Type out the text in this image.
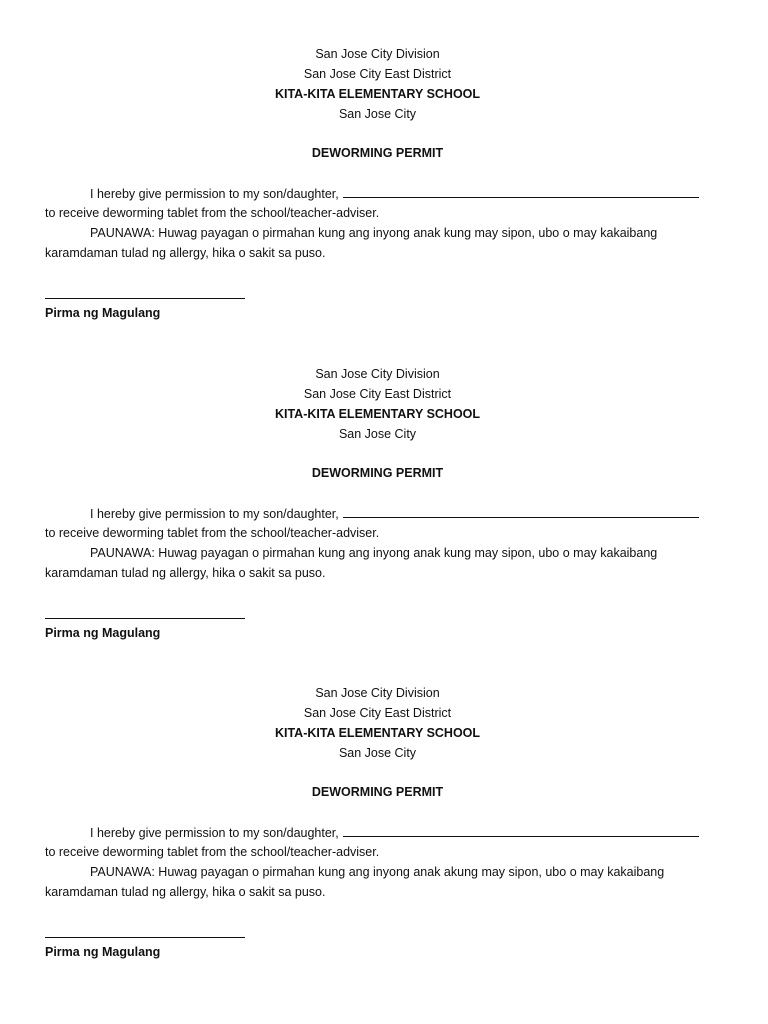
San Jose City Division
San Jose City East District
KITA-KITA ELEMENTARY SCHOOL
San Jose City
DEWORMING PERMIT
I hereby give permission to my son/daughter,
to receive deworming tablet from the school/teacher-adviser.
PAUNAWA: Huwag payagan o pirmahan kung ang inyong anak kung may sipon, ubo o may kakaibang
karamdaman tulad ng allergy, hika o sakit sa puso.
Pirma ng Magulang
San Jose City Division
San Jose City East District
KITA-KITA ELEMENTARY SCHOOL
San Jose City
DEWORMING PERMIT
I hereby give permission to my son/daughter,
to receive deworming tablet from the school/teacher-adviser.
PAUNAWA: Huwag payagan o pirmahan kung ang inyong anak kung may sipon, ubo o may kakaibang
karamdaman tulad ng allergy, hika o sakit sa puso.
Pirma ng Magulang
San Jose City Division
San Jose City East District
KITA-KITA ELEMENTARY SCHOOL
San Jose City
DEWORMING PERMIT
I hereby give permission to my son/daughter,
to receive deworming tablet from the school/teacher-adviser.
PAUNAWA: Huwag payagan o pirmahan kung ang inyong anak akung may sipon, ubo o may kakaibang
karamdaman tulad ng allergy, hika o sakit sa puso.
Pirma ng Magulang
